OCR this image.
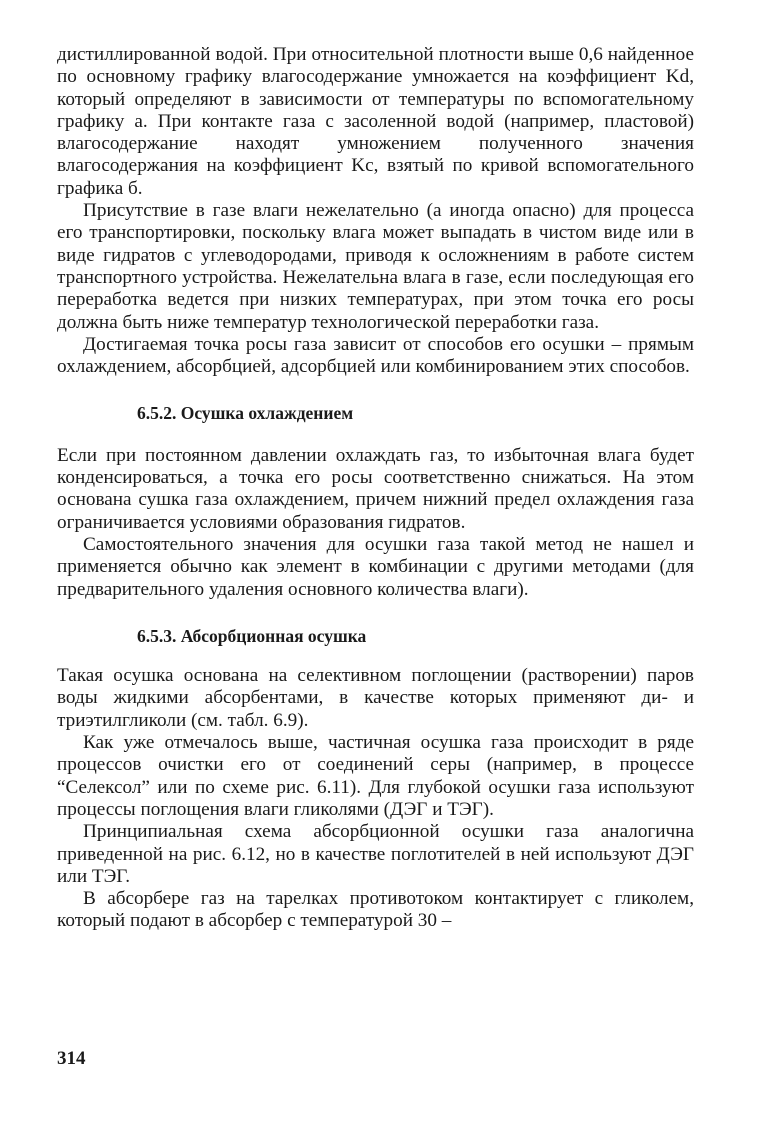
дистиллированной водой. При относительной плотности выше 0,6 найденное по основному графику влагосодержание умножается на коэффициент Kd, который определяют в зависимости от температуры по вспомогательному графику а. При контакте газа с засоленной водой (например, пластовой) влагосодержание находят умножением полученного значения влагосодержания на коэффициент Kc, взятый по кривой вспомогательного графика б.

Присутствие в газе влаги нежелательно (а иногда опасно) для процесса его транспортировки, поскольку влага может выпадать в чистом виде или в виде гидратов с углеводородами, приводя к осложнениям в работе систем транспортного устройства. Нежелательна влага в газе, если последующая его переработка ведется при низких температурах, при этом точка его росы должна быть ниже температур технологической переработки газа.

Достигаемая точка росы газа зависит от способов его осушки – прямым охлаждением, абсорбцией, адсорбцией или комбинированием этих способов.

6.5.2. Осушка охлаждением

Если при постоянном давлении охлаждать газ, то избыточная влага будет конденсироваться, а точка его росы соответственно снижаться. На этом основана сушка газа охлаждением, причем нижний предел охлаждения газа ограничивается условиями образования гидратов.

Самостоятельного значения для осушки газа такой метод не нашел и применяется обычно как элемент в комбинации с другими методами (для предварительного удаления основного количества влаги).

6.5.3. Абсорбционная осушка

Такая осушка основана на селективном поглощении (растворении) паров воды жидкими абсорбентами, в качестве которых применяют ди- и триэтилгликоли (см. табл. 6.9).

Как уже отмечалось выше, частичная осушка газа происходит в ряде процессов очистки его от соединений серы (например, в процессе “Селексол” или по схеме рис. 6.11). Для глубокой осушки газа используют процессы поглощения влаги гликолями (ДЭГ и ТЭГ).

Принципиальная схема абсорбционной осушки газа аналогична приведенной на рис. 6.12, но в качестве поглотителей в ней используют ДЭГ или ТЭГ.

В абсорбере газ на тарелках противотоком контактирует с гликолем, который подают в абсорбер с температурой 30 –

314
